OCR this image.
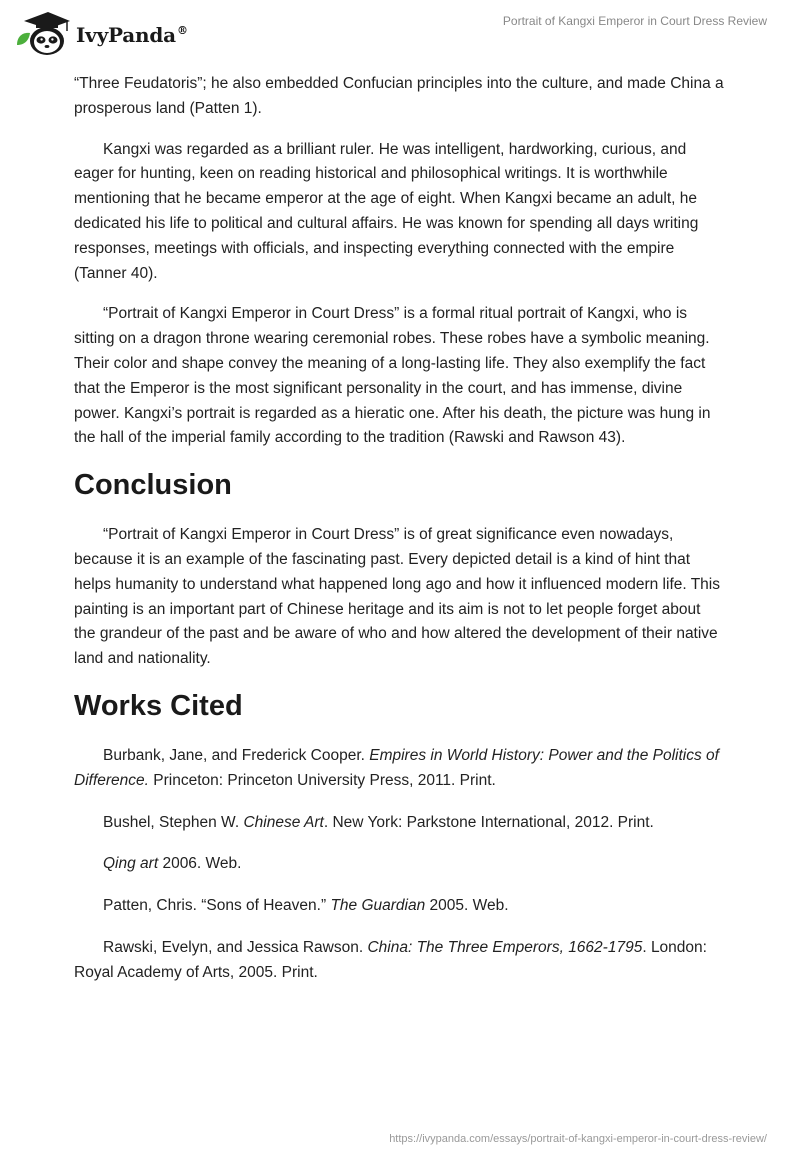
IvyPanda®
Portrait of Kangxi Emperor in Court Dress Review

“Three Feudatoris”; he also embedded Confucian principles into the culture, and made China a prosperous land (Patten 1).

Kangxi was regarded as a brilliant ruler. He was intelligent, hardworking, curious, and eager for hunting, keen on reading historical and philosophical writings. It is worthwhile mentioning that he became emperor at the age of eight. When Kangxi became an adult, he dedicated his life to political and cultural affairs. He was known for spending all days writing responses, meetings with officials, and inspecting everything connected with the empire (Tanner 40).

“Portrait of Kangxi Emperor in Court Dress” is a formal ritual portrait of Kangxi, who is sitting on a dragon throne wearing ceremonial robes. These robes have a symbolic meaning. Their color and shape convey the meaning of a long-lasting life. They also exemplify the fact that the Emperor is the most significant personality in the court, and has immense, divine power. Kangxi’s portrait is regarded as a hieratic one. After his death, the picture was hung in the hall of the imperial family according to the tradition (Rawski and Rawson 43).

Conclusion

“Portrait of Kangxi Emperor in Court Dress” is of great significance even nowadays, because it is an example of the fascinating past. Every depicted detail is a kind of hint that helps humanity to understand what happened long ago and how it influenced modern life. This painting is an important part of Chinese heritage and its aim is not to let people forget about the grandeur of the past and be aware of who and how altered the development of their native land and nationality.

Works Cited

Burbank, Jane, and Frederick Cooper. Empires in World History: Power and the Politics of Difference. Princeton: Princeton University Press, 2011. Print.

Bushel, Stephen W. Chinese Art. New York: Parkstone International, 2012. Print.

Qing art 2006. Web.

Patten, Chris. “Sons of Heaven.” The Guardian 2005. Web.

Rawski, Evelyn, and Jessica Rawson. China: The Three Emperors, 1662-1795. London: Royal Academy of Arts, 2005. Print.

https://ivypanda.com/essays/portrait-of-kangxi-emperor-in-court-dress-review/
